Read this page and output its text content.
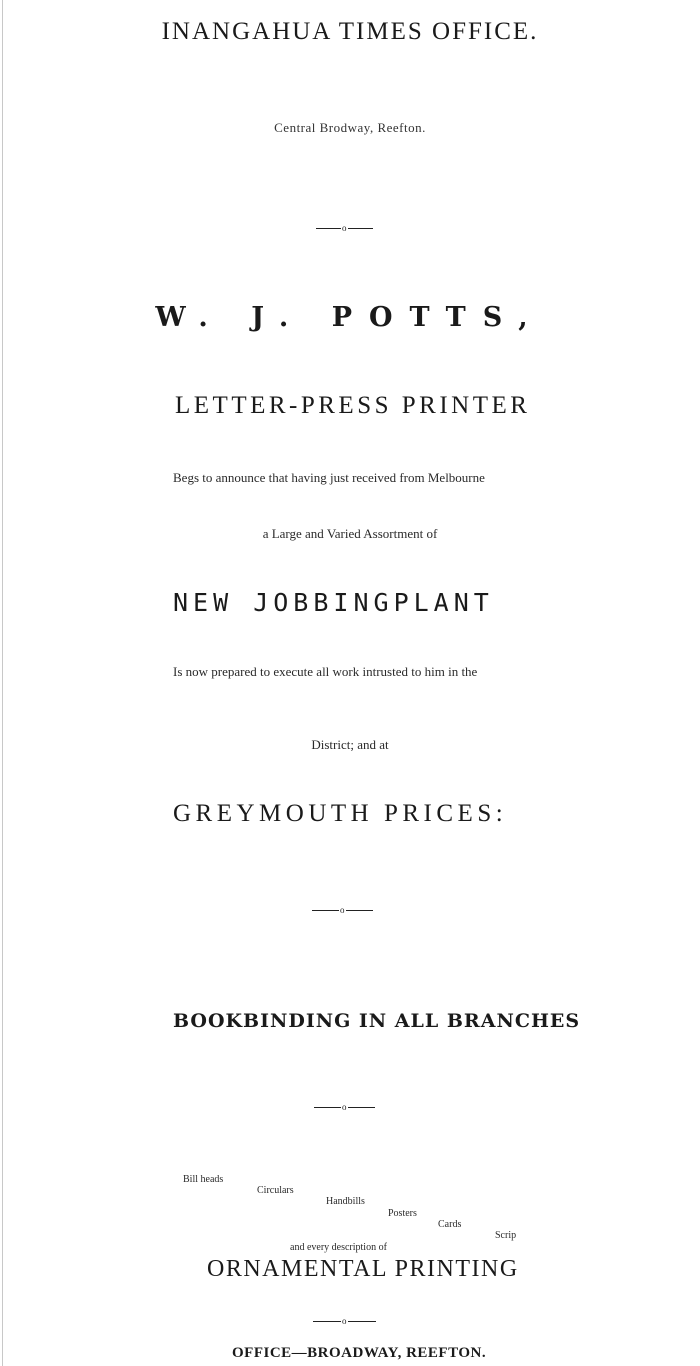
INANGAHUA TIMES OFFICE.
Central Brodway, Reefton.
o
W. J. POTTS,
LETTER-PRESS PRINTER
Begs to announce that having just received from Melbourne
a Large and Varied Assortment of
NEW JOBBINGPLANT
Is now prepared to execute all work intrusted to him in the
District; and at
GREYMOUTH PRICES:
o
BOOKBINDING IN ALL BRANCHES
o
Bill heads
Circulars
Handbills
Posters
Cards
Scrip
and every description of
ORNAMENTAL PRINTING
o
OFFICE—BROADWAY, REEFTON.
